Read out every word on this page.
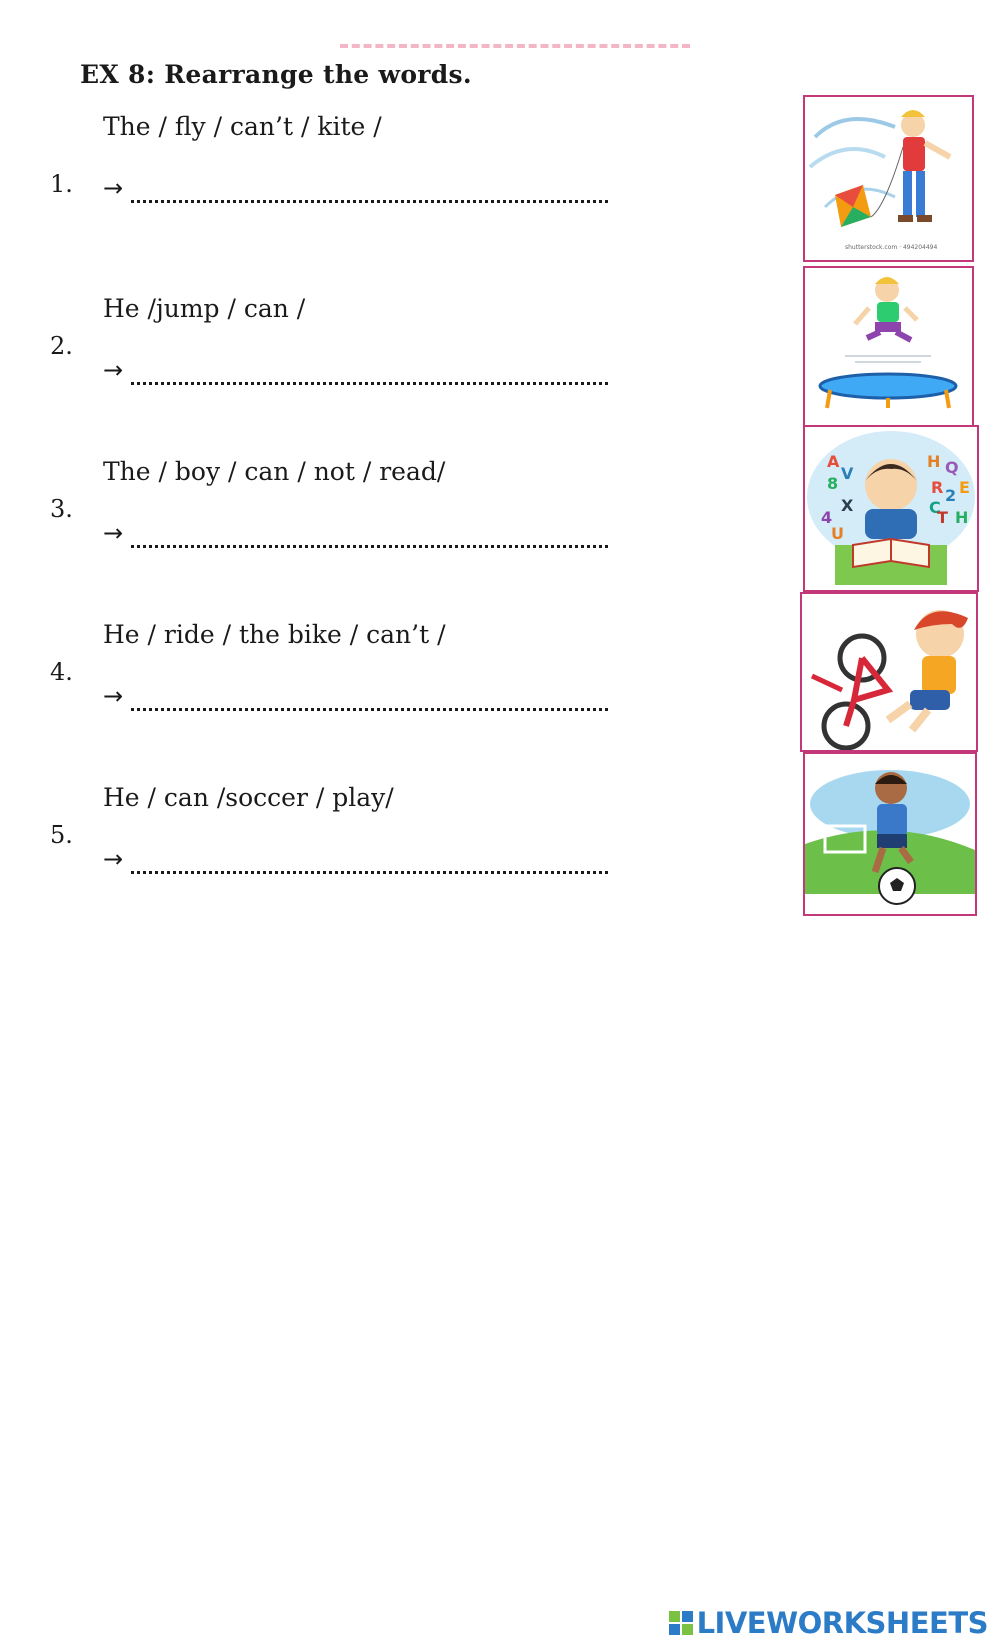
EX 8: Rearrange the words.
1.
The / fly / can’t / kite /
→
2.
He /jump / can /
→
3.
The / boy / can / not / read/
→
4.
He / ride / the bike / can’t /
→
5.
He / can /soccer / play/
→
shutterstock.com · 494204494
A
8
V
H Q
R 2 E
4
C
T H
U
X
LIVEWORKSHEETS
